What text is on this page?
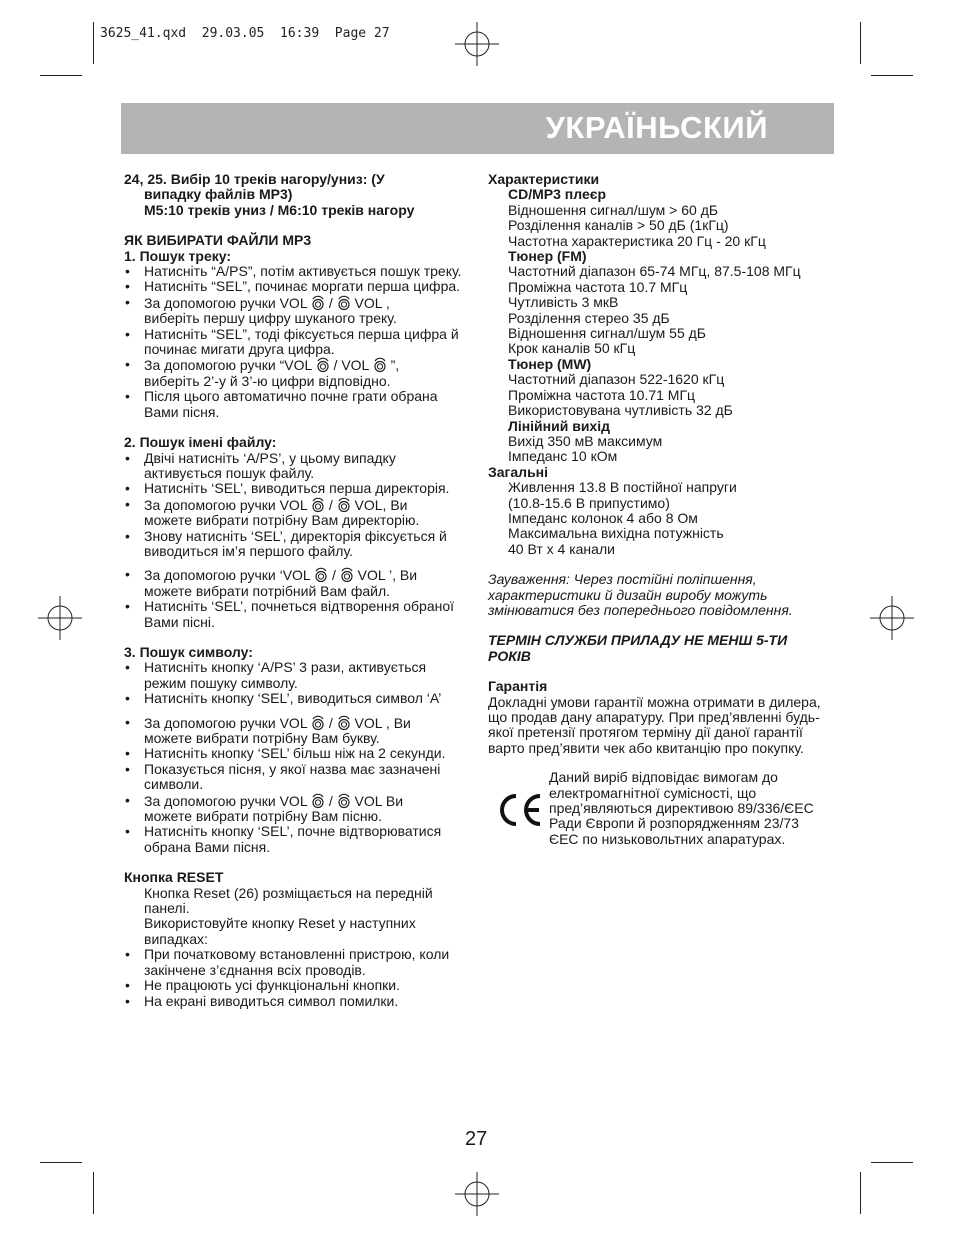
3625_41.qxd  29.03.05  16:39  Page 27
УКРАЇНЬСКИЙ
24, 25. Вибір 10 треків нагору/униз: (У
випадку файлів MP3)
M5:10 треків униз / M6:10 треків нагору
ЯК ВИБИРАТИ ФАЙЛИ MP3
1. Пошук треку:
• Натисніть “A/PS”, потім активується пошук треку.
• Натисніть “SEL”, починає моргати перша цифра.
• За допомогою ручки VOL
/
VOL ,
виберіть першу цифру шуканого треку.
• Натисніть “SEL”, тоді фіксується перша цифра й починає мигати друга цифра.
• За допомогою ручки “VOL / VOL ”,
виберіть 2’-у й 3’-ю цифри відповідно.
• Після цього автоматично почне грати обрана Вами пісня.
2. Пошук імені файлу:
• Двічі натисніть ‘A/PS’, у цьому випадку активується пошук файлу.
• Натисніть ‘SEL’, виводиться перша директорія.
• За допомогою ручки VOL
/
VOL, Ви
можете вибрати потрібну Вам директорію.
• Знову натисніть ‘SEL’, директорія фіксується й виводиться ім’я першого файлу.
• За допомогою ручки ‘VOL
/
VOL ’, Ви
можете вибрати потрібний Вам файл.
• Натисніть ‘SEL’, почнеться відтворення обраної Вами пісні.
3. Пошук символу:
• Натисніть кнопку ‘A/PS’ 3 рази, активується режим пошуку символу.
• Натисніть кнопку ‘SEL’, виводиться символ ‘A’
• За допомогою ручки VOL
/
VOL , Ви
можете вибрати потрібну Вам букву.
• Натисніть кнопку ‘SEL’ більш ніж на 2 секунди.
• Показується пісня, у якої назва має зазначені символи.
• За допомогою ручки VOL
/
VOL Ви
можете вибрати потрібну Вам пісню.
• Натисніть кнопку ‘SEL’, почне відтворюватися обрана Вами пісня.
Кнопка RESET
Кнопка Reset (26) розміщається на передній панелі.
Використовуйте кнопку Reset у наступних випадках:
• При початковому встановленні пристрою, коли закінчене з’єднання всіх проводів.
• Не працюють усі функціональні кнопки.
• На екрані виводиться символ помилки.
Характеристики
CD/MP3 плеєр
Відношення сигнал/шум > 60 дБ
Розділення каналів > 50 дБ (1кГц)
Частотна характеристика 20 Гц - 20 кГц
Тюнер (FM)
Частотний діапазон 65-74 МГц, 87.5-108 МГц
Проміжна частота 10.7 МГц
Чутливість 3 мкВ
Розділення стерео 35 дБ
Відношення сигнал/шум 55 дБ
Крок каналів 50 кГц
Тюнер (MW)
Частотний діапазон 522-1620 кГц
Проміжна частота 10.71 МГц
Використовувана чутливість 32 дБ
Лінійний вихід
Вихід 350 мВ максимум
Імпеданс 10 кОм
Загальні
Живлення 13.8 В постійної напруги
(10.8-15.6 В припустимо)
Імпеданс колонок 4 або 8 Ом
Максимальна вихідна потужність
40 Вт x 4 канали
Зауваження: Через постійні поліпшення, характеристики й дизайн виробу можуть змінюватися без попереднього повідомлення.
ТЕРМІН СЛУЖБИ ПРИЛАДУ НЕ МЕНШ 5-ТИ РОКІВ
Гарантія
Докладні умови гарантії можна отримати в дилера, що продав дану апаратуру. При пред’явленні будь-якої претензії протягом терміну дії даної гарантії варто пред’явити чек або квитанцію про покупку.
Даний виріб відповідає вимогам до електромагнітної сумісності, що пред’являються директивою 89/336/ЄЕС Ради Європи й розпорядженням 23/73 ЄЕС по низьковольтних апаратурах.
27
